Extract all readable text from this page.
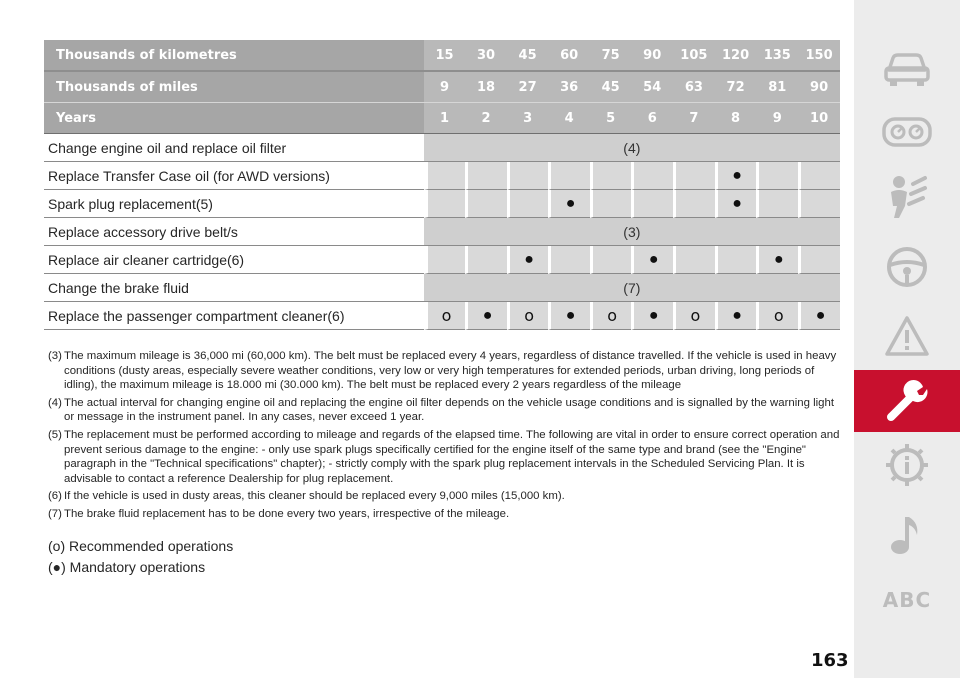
Thousands of kilometres	15	30	45	60	75	90	105	120	135	150
Thousands of miles	9	18	27	36	45	54	63	72	81	90
Years	1	2	3	4	5	6	7	8	9	10
Change engine oil and replace oil filter	(4)									
Replace Transfer Case oil (for AWD versions)								●		
Spark plug replacement(5)				●				●		
Replace accessory drive belt/s	(3)									
Replace air cleaner cartridge(6)			●			●			●	
Change the brake fluid	(7)									
Replace the passenger compartment cleaner(6)	o	●	o	●	o	●	o	●	o	●
(3) The maximum mileage is 36,000 mi (60,000 km). The belt must be replaced every 4 years, regardless of distance travelled. If the vehicle is used in heavy conditions (dusty areas, especially severe weather conditions, very low or very high temperatures for extended periods, urban driving, long periods of idling), the maximum mileage is 18.000 mi (30.000 km). The belt must be replaced every 2 years regardless of the mileage
(4) The actual interval for changing engine oil and replacing the engine oil filter depends on the vehicle usage conditions and is signalled by the warning light or message in the instrument panel. In any cases, never exceed 1 year.
(5) The replacement must be performed according to mileage and regards of the elapsed time. The following are vital in order to ensure correct operation and prevent serious damage to the engine: - only use spark plugs specifically certified for the engine itself of the same type and brand (see the "Engine" paragraph in the "Technical specifications" chapter); - strictly comply with the spark plug replacement intervals in the Scheduled Servicing Plan. It is advisable to contact a reference Dealership for plug replacement.
(6) If the vehicle is used in dusty areas, this cleaner should be replaced every 9,000 miles (15,000 km).
(7) The brake fluid replacement has to be done every two years, irrespective of the mileage.
(o) Recommended operations
(●) Mandatory operations
163
ABC
